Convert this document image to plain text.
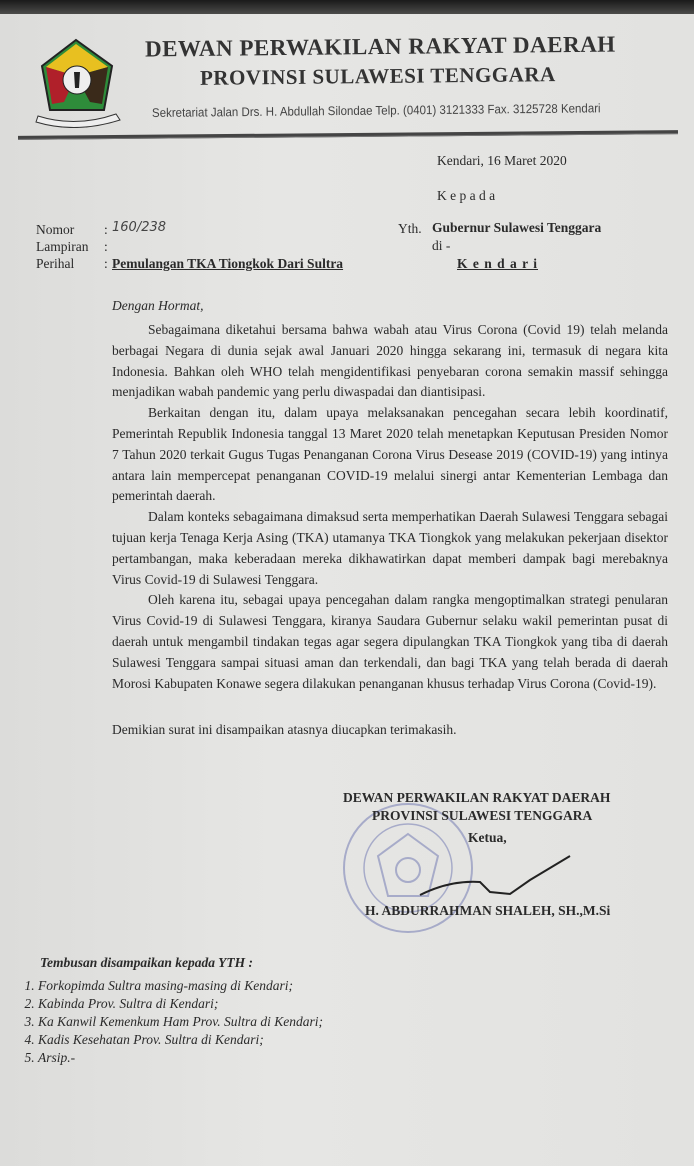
DEWAN PERWAKILAN RAKYAT DAERAH
PROVINSI SULAWESI TENGGARA
Sekretariat Jalan Drs. H. Abdullah Silondae Telp. (0401) 3121333 Fax. 3125728 Kendari
Kendari, 16 Maret 2020
K e p a d a
Nomor : 160/238
Lampiran :
Perihal : Pemulangan TKA Tiongkok Dari Sultra
Yth. Gubernur Sulawesi Tenggara
di -
K e n d a r i
Dengan Hormat,

Sebagaimana diketahui bersama bahwa wabah atau Virus Corona (Covid 19) telah melanda berbagai Negara di dunia sejak awal Januari 2020 hingga sekarang ini, termasuk di negara kita Indonesia. Bahkan oleh WHO telah mengidentifikasi penyebaran corona semakin massif sehingga menjadikan wabah pandemic yang perlu diwaspadai dan diantisipasi.

Berkaitan dengan itu, dalam upaya melaksanakan pencegahan secara lebih koordinatif, Pemerintah Republik Indonesia tanggal 13 Maret 2020 telah menetapkan Keputusan Presiden Nomor 7 Tahun 2020 terkait Gugus Tugas Penanganan Corona Virus Desease 2019 (COVID-19) yang intinya antara lain mempercepat penanganan COVID-19 melalui sinergi antar Kementerian Lembaga dan pemerintah daerah.

Dalam konteks sebagaimana dimaksud serta memperhatikan Daerah Sulawesi Tenggara sebagai tujuan kerja Tenaga Kerja Asing (TKA) utamanya TKA Tiongkok yang melakukan pekerjaan disektor pertambangan, maka keberadaan mereka dikhawatirkan dapat memberi dampak bagi merebaknya Virus Covid-19 di Sulawesi Tenggara.

Oleh karena itu, sebagai upaya pencegahan dalam rangka mengoptimalkan strategi penularan Virus Covid-19 di Sulawesi Tenggara, kiranya Saudara Gubernur selaku wakil pemerintan pusat di daerah untuk mengambil tindakan tegas agar segera dipulangkan TKA Tiongkok yang tiba di daerah Sulawesi Tenggara sampai situasi aman dan terkendali, dan bagi TKA yang telah berada di daerah Morosi Kabupaten Konawe segera dilakukan penanganan khusus terhadap Virus Corona (Covid-19).

Demikian surat ini disampaikan atasnya diucapkan terimakasih.
DEWAN PERWAKILAN RAKYAT DAERAH
PROVINSI SULAWESI TENGGARA
Ketua,
H. ABDURRAHMAN SHALEH, SH.,M.Si
Tembusan disampaikan kepada YTH :
1. Forkopimda Sultra masing-masing di Kendari;
2. Kabinda Prov. Sultra di Kendari;
3. Ka Kanwil Kemenkum Ham Prov. Sultra di Kendari;
4. Kadis Kesehatan Prov. Sultra di Kendari;
5. Arsip.-
